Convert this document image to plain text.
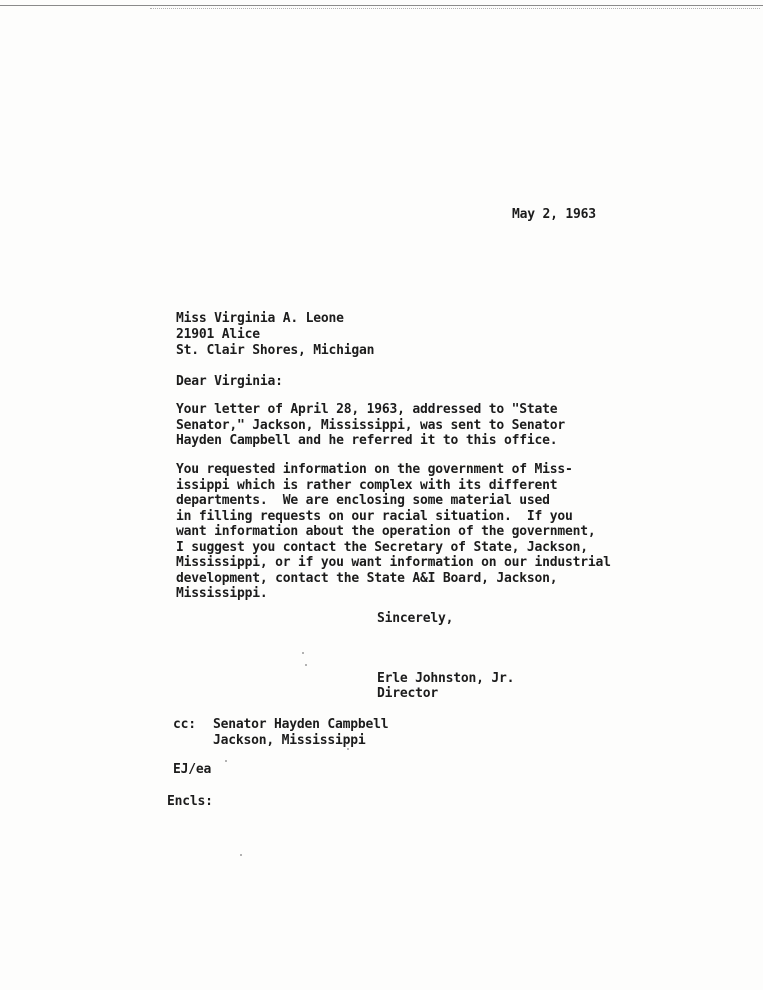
May 2, 1963
Miss Virginia A. Leone
21901 Alice
St. Clair Shores, Michigan
Dear Virginia:
Your letter of April 28, 1963, addressed to "State
Senator," Jackson, Mississippi, was sent to Senator
Hayden Campbell and he referred it to this office.
You requested information on the government of Miss-
issippi which is rather complex with its different
departments.  We are enclosing some material used
in filling requests on our racial situation.  If you
want information about the operation of the government,
I suggest you contact the Secretary of State, Jackson,
Mississippi, or if you want information on our industrial
development, contact the State A&I Board, Jackson,
Mississippi.
Sincerely,
Erle Johnston, Jr.
Director
cc: Senator Hayden Campbell
Jackson, Mississippi
EJ/ea
Encls:
